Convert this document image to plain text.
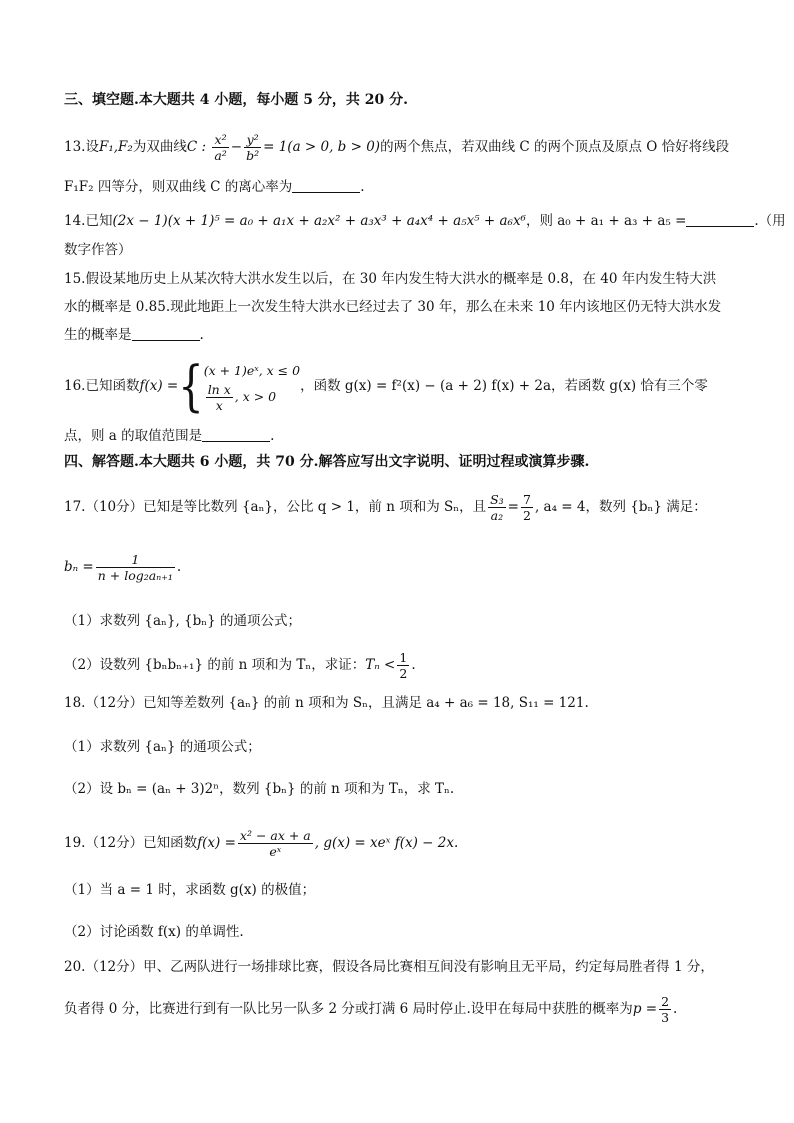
三、填空题.本大题共 4 小题，每小题 5 分，共 20 分.
13.设F₁,F₂为双曲线C : $\frac{\text{x²}}{\text{a²}} - \frac{\text{y²}}{\text{b²}} = 1(a > 0$, b > 0)的两个焦点，若双曲线 C 的两个顶点及原点 O 恰好将线段
F₁F₂ 四等分，则双曲线 C 的离心率为	.
14.已知(2x − 1)(x + 1)⁵ = a₀ + a₁x + a₂x² + a₃x³ + a₄x⁴ + a₅x⁵ + a₆x⁶，则 a₀ + a₁ + a₃ + a₅ =	.（用
数字作答）
15.假设某地历史上从某次特大洪水发生以后，在 30 年内发生特大洪水的概率是 0.8，在 40 年内发生特大洪
水的概率是 0.85.现此地距上一次发生特大洪水已经过去了 30 年，那么在未来 10 年内该地区仍无特大洪水发
生的概率是	.
16.已知函数f(x) ={ (x + 1)eˣ, x ≤ 0
$\frac{\text{ln x}}{x}$ , x > 0
，函数 g(x) = f²(x) − (a + 2) f(x) + 2a，若函数 g(x) 恰有三个零
点，则 a 的取值范围是	.
四、解答题.本大题共 6 小题，共 70 分.解答应写出文字说明、证明过程或演算步骤.
17.（10分）已知是等比数列 {aₙ}，公比 q > 1，前 n 项和为 Sₙ，且 $\frac{\text{S₃}}{\text{a₂}} = \frac{7}{2}$ , a₄ = 4，数列 {bₙ} 满足：
$b_n = \frac{1}{\text{n + log₂aₙ₊₁}}$ .
（1）求数列 {aₙ}, {bₙ} 的通项公式；
（2）设数列 {bₙbₙ₊₁} 的前 n 项和为 Tₙ，求证：$T_n < \frac{1}{2}$ .
18.（12分）已知等差数列 {aₙ} 的前 n 项和为 Sₙ，且满足 a₄ + a₆ = 18, S₁₁ = 121.
（1）求数列 {aₙ} 的通项公式；
（2）设 bₙ = (aₙ + 3)2ⁿ，数列 {bₙ} 的前 n 项和为 Tₙ，求 Tₙ.
19.（12分）已知函数$f(x) = \frac{\text{x² − ax + a}}{\text{eˣ}}$ , g(x) = xeˣ f(x) − 2x.
（1）当 a = 1 时，求函数 g(x) 的极值；
（2）讨论函数 f(x) 的单调性.
20.（12分）甲、乙两队进行一场排球比赛，假设各局比赛相互间没有影响且无平局，约定每局胜者得 1 分，
负者得 0 分，比赛进行到有一队比另一队多 2 分或打满 6 局时停止.设甲在每局中获胜的概率为$p = \frac{2}{3}$ .
